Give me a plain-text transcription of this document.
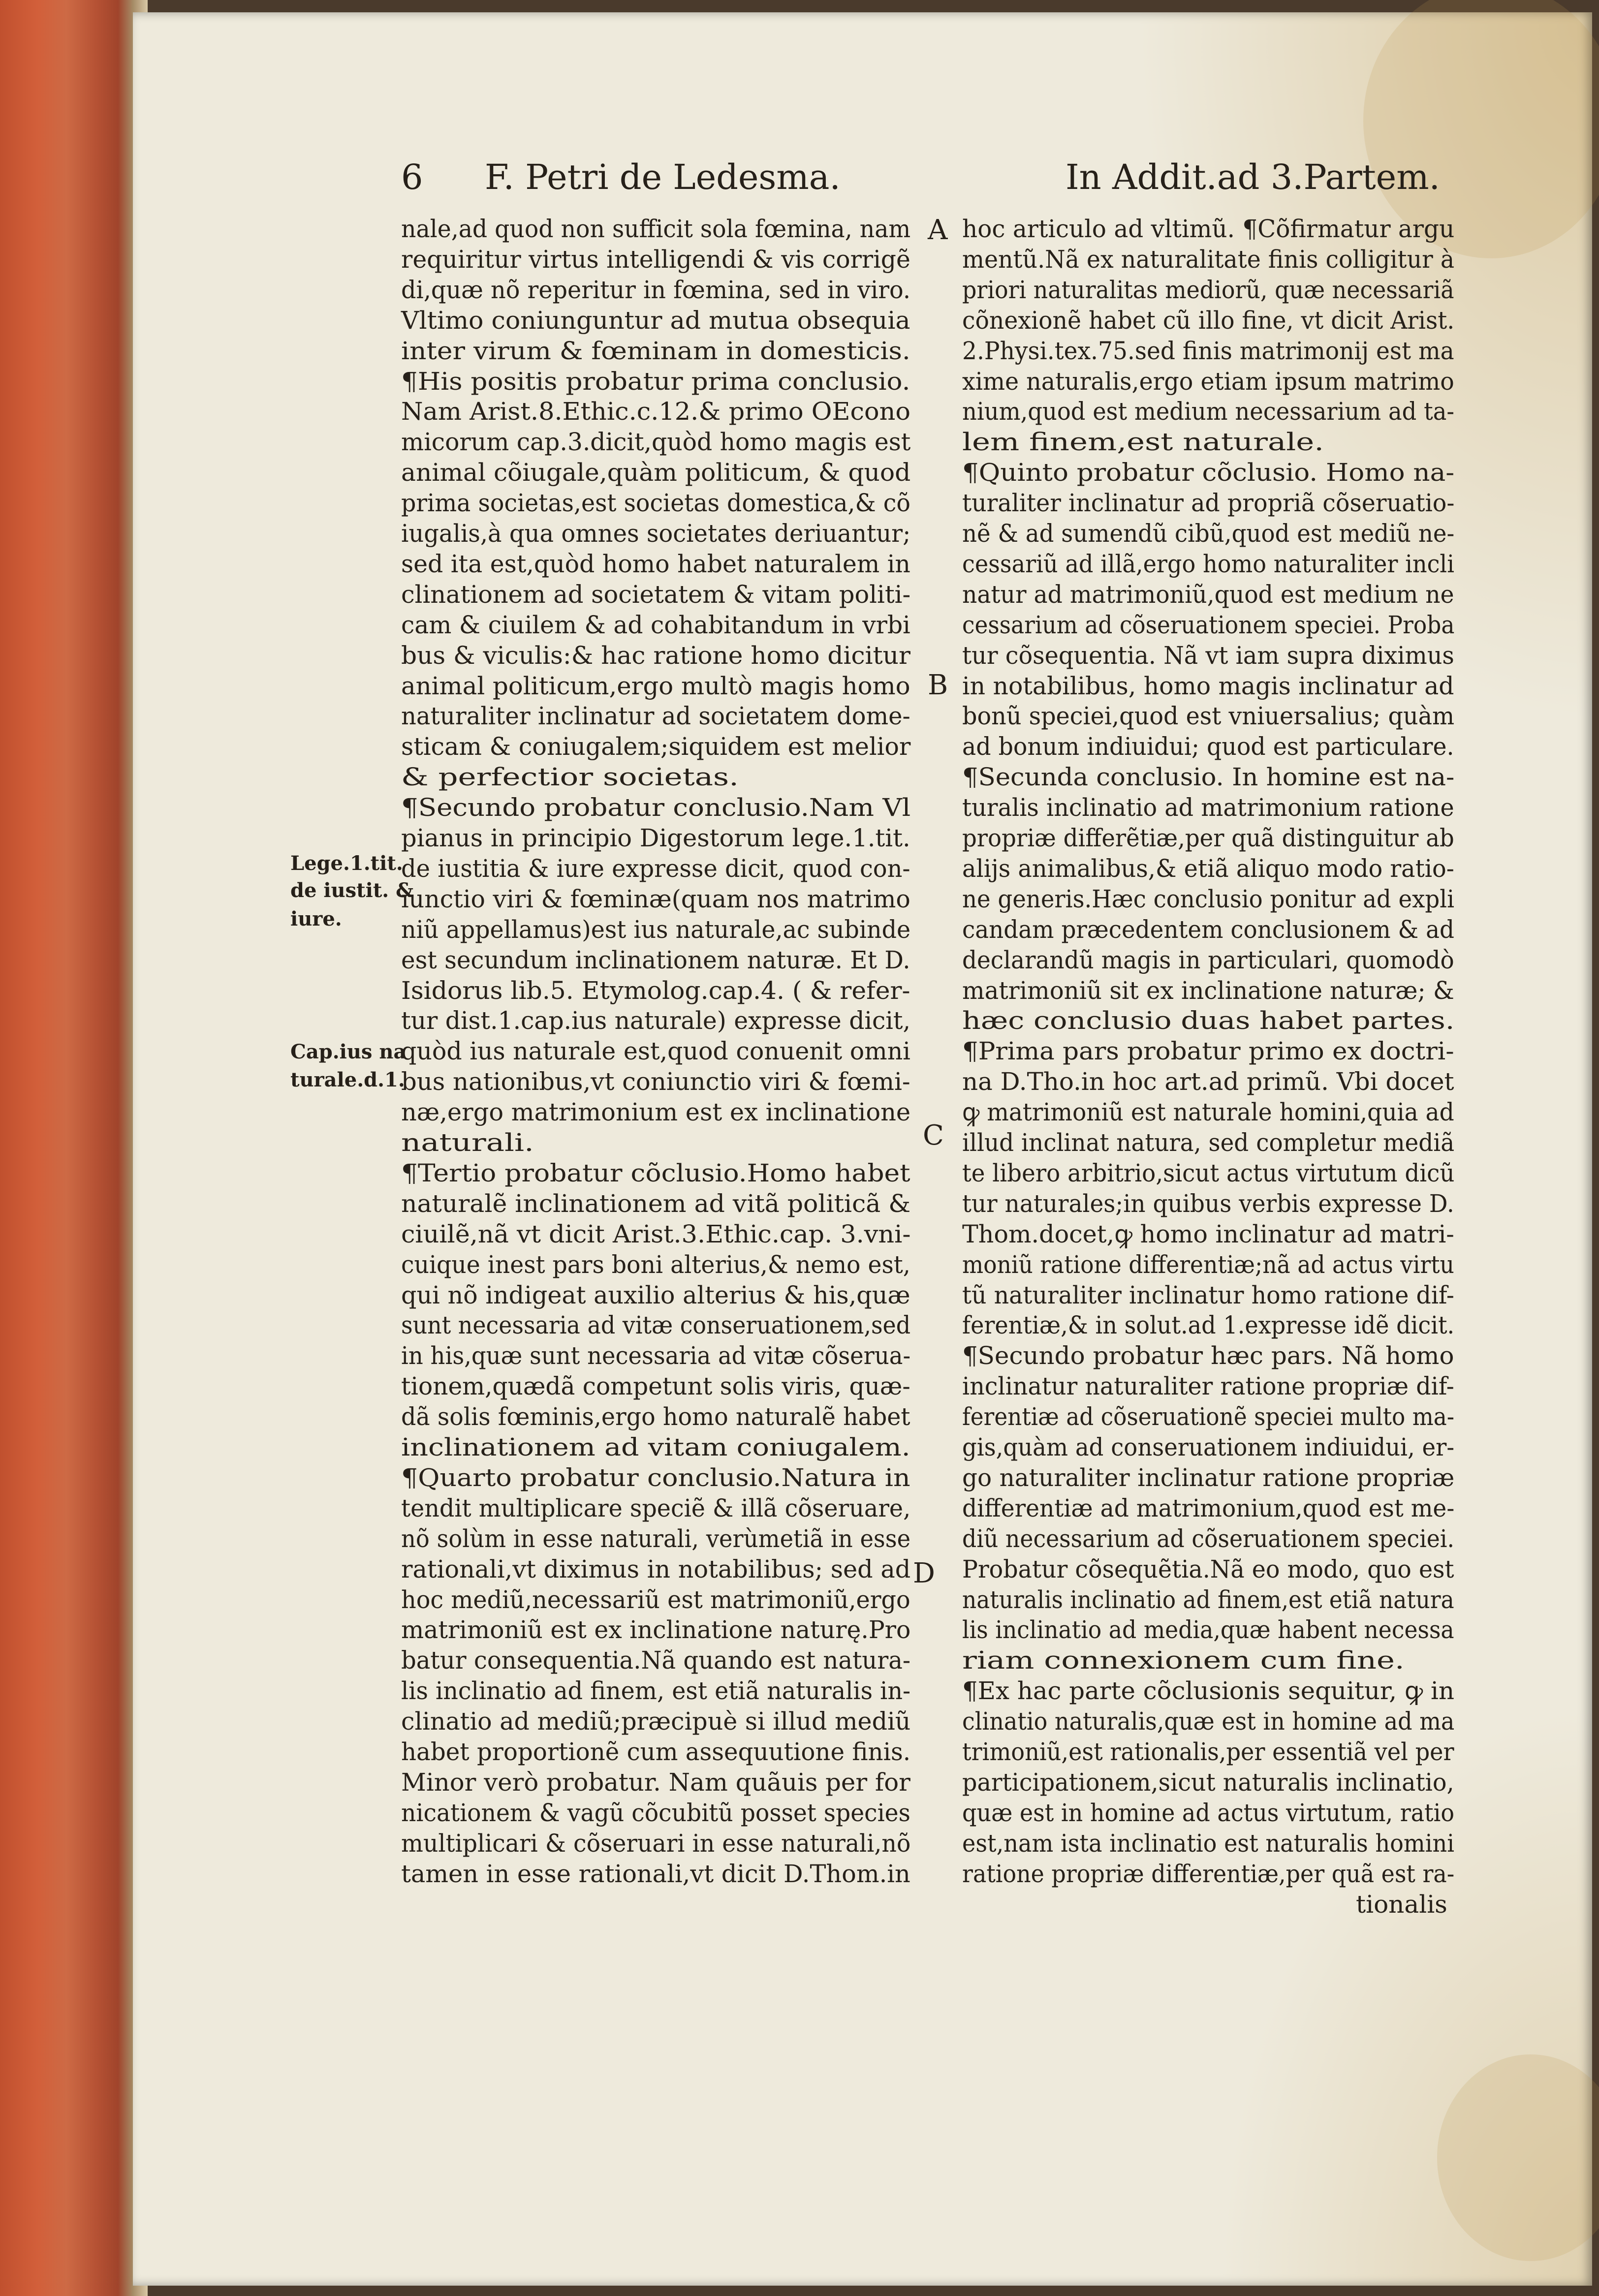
6 F. Petri de Ledesma.	In Addit.ad 3.Partem.
nale,ad quod non sufficit sola fœmina, nam
requiritur virtus intelligendi & vis corrigẽ
di,quæ nõ reperitur in fœmina, sed in viro.
Vltimo coniunguntur ad mutua obsequia
inter virum & fœminam in domesticis.
¶His positis probatur prima conclusio.
Nam Arist.8.Ethic.c.12.& primo OEcono
micorum cap.3.dicit,quòd homo magis est
animal cõiugale,quàm politicum, & quod
prima societas,est societas domestica,& cõ
iugalis,à qua omnes societates deriuantur;
sed ita est,quòd homo habet naturalem in
clinationem ad societatem & vitam politi-
cam & ciuilem & ad cohabitandum in vrbi
bus & viculis:& hac ratione homo dicitur
animal politicum,ergo multò magis homo
naturaliter inclinatur ad societatem dome-
sticam & coniugalem;siquidem est melior
& perfectior societas.
¶Secundo probatur conclusio.Nam Vl
pianus in principio Digestorum lege.1.tit.
de iustitia & iure expresse dicit, quod con-
iunctio viri & fœminæ(quam nos matrimo
niũ appellamus)est ius naturale,ac subinde
est secundum inclinationem naturæ. Et D.
Isidorus lib.5. Etymolog.cap.4. ( & refer-
tur dist.1.cap.ius naturale) expresse dicit,
quòd ius naturale est,quod conuenit omni
bus nationibus,vt coniunctio viri & fœmi-
næ,ergo matrimonium est ex inclinatione
naturali.
¶Tertio probatur cõclusio.Homo habet
naturalẽ inclinationem ad vitã politicã &
ciuilẽ,nã vt dicit Arist.3.Ethic.cap. 3.vni-
cuique inest pars boni alterius,& nemo est,
qui nõ indigeat auxilio alterius & his,quæ
sunt necessaria ad vitæ conseruationem,sed
in his,quæ sunt necessaria ad vitæ cõserua-
tionem,quædã competunt solis viris, quæ-
dã solis fœminis,ergo homo naturalẽ habet
inclinationem ad vitam coniugalem.
¶Quarto probatur conclusio.Natura in
tendit multiplicare speciẽ & illã cõseruare,
nõ solùm in esse naturali, verùmetiã in esse
rationali,vt diximus in notabilibus; sed ad
hoc mediũ,necessariũ est matrimoniũ,ergo
matrimoniũ est ex inclinatione naturę.Pro
batur consequentia.Nã quando est natura-
lis inclinatio ad finem, est etiã naturalis in-
clinatio ad mediũ;præcipuè si illud mediũ
habet proportionẽ cum assequutione finis.
Minor verò probatur. Nam quãuis per for
nicationem & vagũ cõcubitũ posset species
multiplicari & cõseruari in esse naturali,nõ
tamen in esse rationali,vt dicit D.Thom.in
hoc articulo ad vltimũ. ¶Cõfirmatur argu
mentũ.Nã ex naturalitate finis colligitur à
priori naturalitas mediorũ, quæ necessariã
cõnexionẽ habet cũ illo fine, vt dicit Arist.
2.Physi.tex.75.sed finis matrimonij est ma
xime naturalis,ergo etiam ipsum matrimo
nium,quod est medium necessarium ad ta-
lem finem,est naturale.
¶Quinto probatur cõclusio. Homo na-
turaliter inclinatur ad propriã cõseruatio-
nẽ & ad sumendũ cibũ,quod est mediũ ne-
cessariũ ad illã,ergo homo naturaliter incli
natur ad matrimoniũ,quod est medium ne
cessarium ad cõseruationem speciei. Proba
tur cõsequentia. Nã vt iam supra diximus
in notabilibus, homo magis inclinatur ad
bonũ speciei,quod est vniuersalius; quàm
ad bonum indiuidui; quod est particulare.
¶Secunda conclusio. In homine est na-
turalis inclinatio ad matrimonium ratione
propriæ differẽtiæ,per quã distinguitur ab
alijs animalibus,& etiã aliquo modo ratio-
ne generis.Hæc conclusio ponitur ad expli
candam præcedentem conclusionem & ad
declarandũ magis in particulari, quomodò
matrimoniũ sit ex inclinatione naturæ; &
hæc conclusio duas habet partes.
¶Prima pars probatur primo ex doctri-
na D.Tho.in hoc art.ad primũ. Vbi docet
ꝙ matrimoniũ est naturale homini,quia ad
illud inclinat natura, sed completur mediã
te libero arbitrio,sicut actus virtutum dicũ
tur naturales;in quibus verbis expresse D.
Thom.docet,ꝙ homo inclinatur ad matri-
moniũ ratione differentiæ;nã ad actus virtu
tũ naturaliter inclinatur homo ratione dif-
ferentiæ,& in solut.ad 1.expresse idẽ dicit.
¶Secundo probatur hæc pars. Nã homo
inclinatur naturaliter ratione propriæ dif-
ferentiæ ad cõseruationẽ speciei multo ma-
gis,quàm ad conseruationem indiuidui, er-
go naturaliter inclinatur ratione propriæ
differentiæ ad matrimonium,quod est me-
diũ necessarium ad cõseruationem speciei.
Probatur cõsequẽtia.Nã eo modo, quo est
naturalis inclinatio ad finem,est etiã natura
lis inclinatio ad media,quæ habent necessa
riam connexionem cum fine.
¶Ex hac parte cõclusionis sequitur, ꝙ in
clinatio naturalis,quæ est in homine ad ma
trimoniũ,est rationalis,per essentiã vel per
participationem,sicut naturalis inclinatio,
quæ est in homine ad actus virtutum, ratio
est,nam ista inclinatio est naturalis homini
ratione propriæ differentiæ,per quã est ra-
tionalis
Lege.1.tit.
de iustit. &
iure.
Cap.ius na
turale.d.1.
A
B
C
D
